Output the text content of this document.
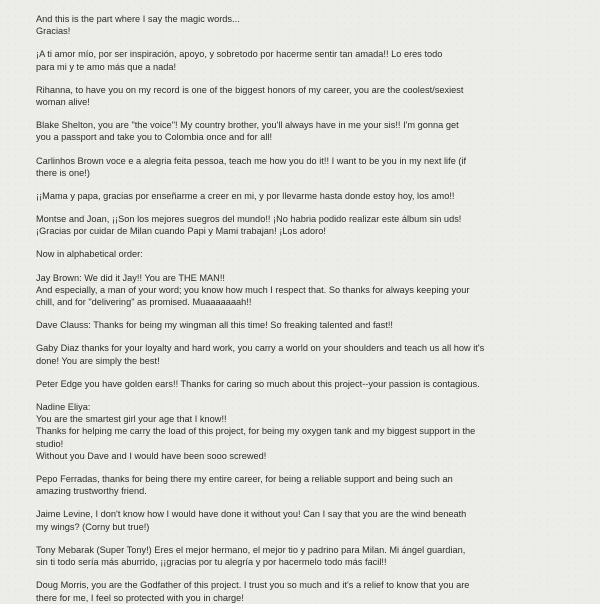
And this is the part where I say the magic words...
Gracias!

¡A ti amor mío, por ser inspiración, apoyo, y sobretodo por hacerme sentir tan amada!! Lo eres todo
para mi y te amo más que a nada!

Rihanna, to have you on my record is one of the biggest honors of my career, you are the coolest/sexiest
woman alive!

Blake Shelton, you are "the voice"! My country brother, you'll always have in me your sis!! I'm gonna get
you a passport and take you to Colombia once and for all!

Carlinhos Brown voce e a alegria feita pessoa, teach me how you do it!! I want to be you in my next life (if
there is one!)

¡¡Mama y papa, gracias por enseñarme a creer en mi, y por llevarme hasta donde estoy hoy, los amo!!

Montse and Joan, ¡¡Son los mejores suegros del mundo!! ¡No habria podido realizar este álbum sin uds!
¡Gracias por cuidar de Milan cuando Papi y Mami trabajan! ¡Los adoro!

Now in alphabetical order:

Jay Brown: We did it Jay!! You are THE MAN!!
And especially, a man of your word; you know how much I respect that. So thanks for always keeping your
chill, and for "delivering" as promised. Muaaaaaaah!!

Dave Clauss: Thanks for being my wingman all this time! So freaking talented and fast!!

Gaby Diaz thanks for your loyalty and hard work, you carry a world on your shoulders and teach us all how it's
done! You are simply the best!

Peter Edge you have golden ears!! Thanks for caring so much about this project--your passion is contagious.

Nadine Eliya:
You are the smartest girl your age that I know!!
Thanks for helping me carry the load of this project, for being my oxygen tank and my biggest support in the
studio!
Without you Dave and I would have been sooo screwed!

Pepo Ferradas, thanks for being there my entire career, for being a reliable support and being such an
amazing trustworthy friend.

Jaime Levine, I don't know how I would have done it without you! Can I say that you are the wind beneath
my wings? (Corny but true!)

Tony Mebarak (Super Tony!) Eres el mejor hermano, el mejor tio y padrino para Milan. Mi ángel guardian,
sin ti todo sería más aburrido, ¡¡gracias por tu alegría y por hacermelo todo más facil!!

Doug Morris, you are the Godfather of this project. I trust you so much and it's a relief to know that you are
there for me, I feel so protected with you in charge!
